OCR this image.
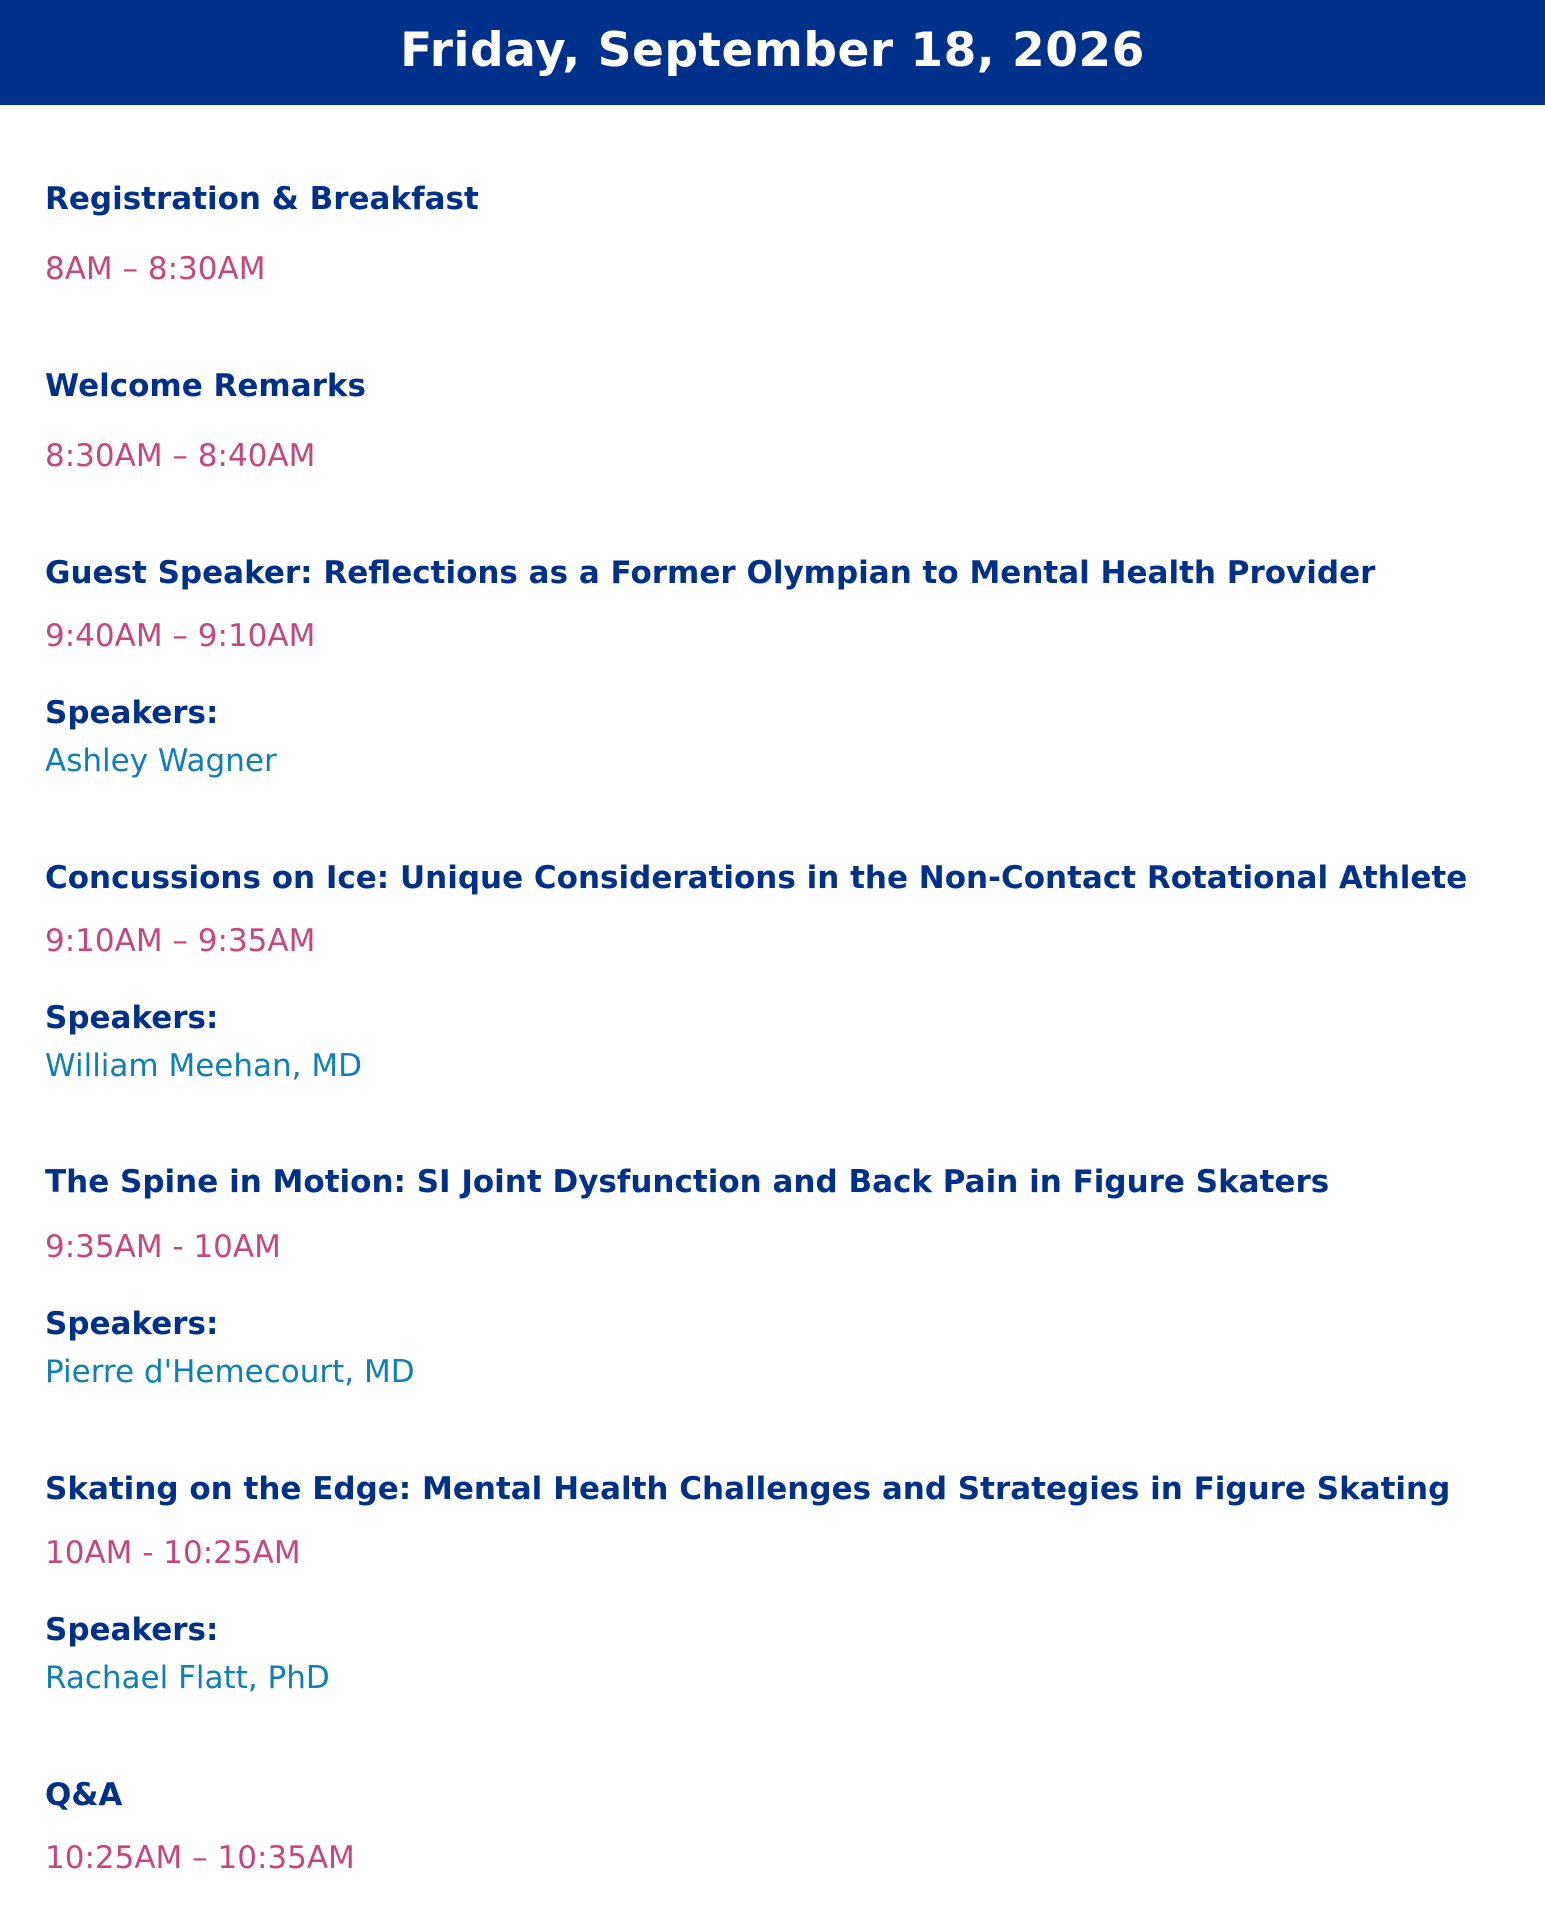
Friday, September 18, 2026
Registration & Breakfast
8AM – 8:30AM
Welcome Remarks
8:30AM – 8:40AM
Guest Speaker: Reflections as a Former Olympian to Mental Health Provider
9:40AM – 9:10AM
Speakers:
Ashley Wagner
Concussions on Ice: Unique Considerations in the Non-Contact Rotational Athlete
9:10AM – 9:35AM
Speakers:
William Meehan, MD
The Spine in Motion: SI Joint Dysfunction and Back Pain in Figure Skaters
9:35AM - 10AM
Speakers:
Pierre d'Hemecourt, MD
Skating on the Edge: Mental Health Challenges and Strategies in Figure Skating
10AM - 10:25AM
Speakers:
Rachael Flatt, PhD
Q&A
10:25AM – 10:35AM
